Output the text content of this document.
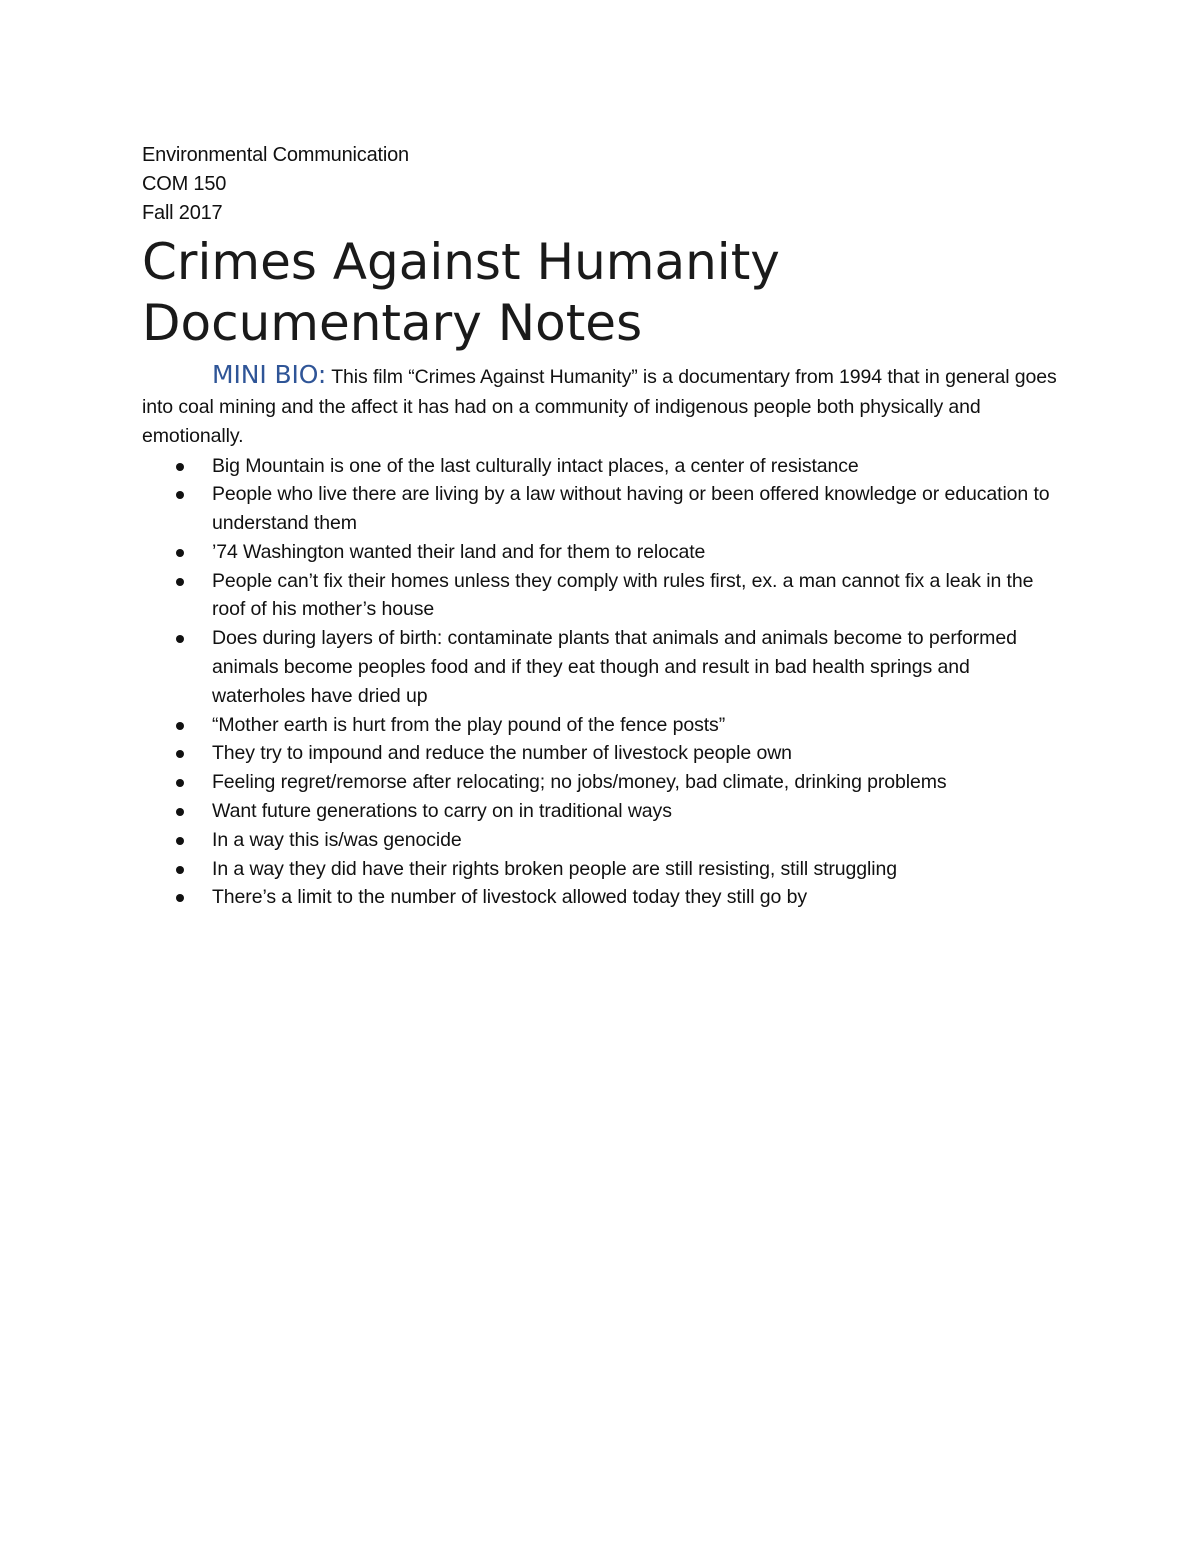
Environmental Communication
COM 150
Fall 2017
Crimes Against Humanity
Documentary Notes
MINI BIO: This film “Crimes Against Humanity” is a documentary from 1994 that in general goes into coal mining and the affect it has had on a community of indigenous people both physically and emotionally.
Big Mountain is one of the last culturally intact places, a center of resistance
People who live there are living by a law without having or been offered knowledge or education to understand them
’74 Washington wanted their land and for them to relocate
People can’t fix their homes unless they comply with rules first, ex. a man cannot fix a leak in the roof of his mother’s house
Does during layers of birth: contaminate plants that animals and animals become to performed animals become peoples food and if they eat though and result in bad health springs and waterholes have dried up
“Mother earth is hurt from the play pound of the fence posts”
They try to impound and reduce the number of livestock people own
Feeling regret/remorse after relocating; no jobs/money, bad climate, drinking problems
Want future generations to carry on in traditional ways
In a way this is/was genocide
In a way they did have their rights broken people are still resisting, still struggling
There’s a limit to the number of livestock allowed today they still go by
